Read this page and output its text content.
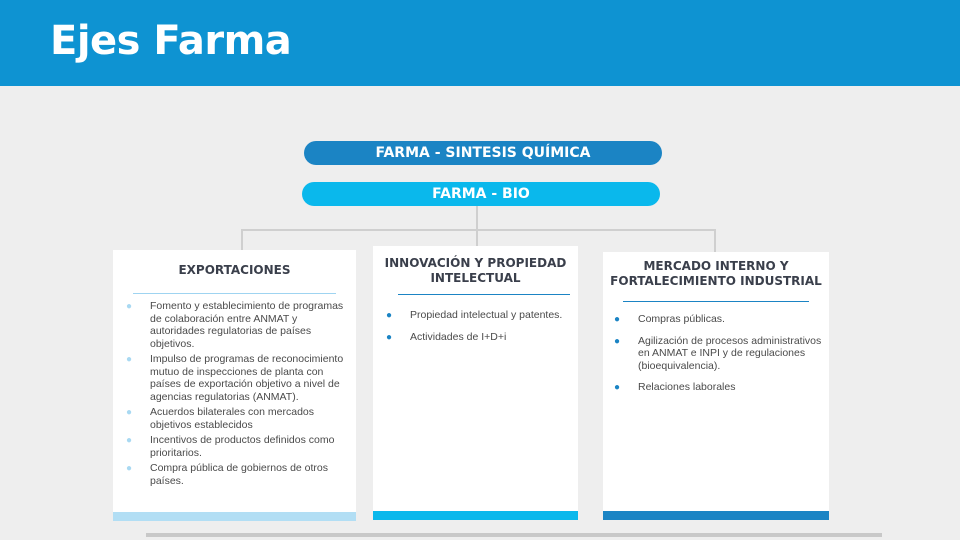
Ejes Farma
FARMA - SINTESIS QUÍMICA
FARMA - BIO
EXPORTACIONES
● Fomento y establecimiento de programas de colaboración entre ANMAT y autoridades regulatorias de países objetivos.
● Impulso de programas de reconocimiento mutuo de inspecciones de planta con países de exportación objetivo a nivel de agencias regulatorias (ANMAT).
● Acuerdos bilaterales con mercados objetivos establecidos
● Incentivos de productos definidos como prioritarios.
● Compra pública de gobiernos de otros países.
INNOVACIÓN Y PROPIEDAD INTELECTUAL
● Propiedad intelectual y patentes.
● Actividades de I+D+i
MERCADO INTERNO Y FORTALECIMIENTO INDUSTRIAL
● Compras públicas.
● Agilización de procesos administrativos en ANMAT e INPI y de regulaciones (bioequivalencia).
● Relaciones laborales
